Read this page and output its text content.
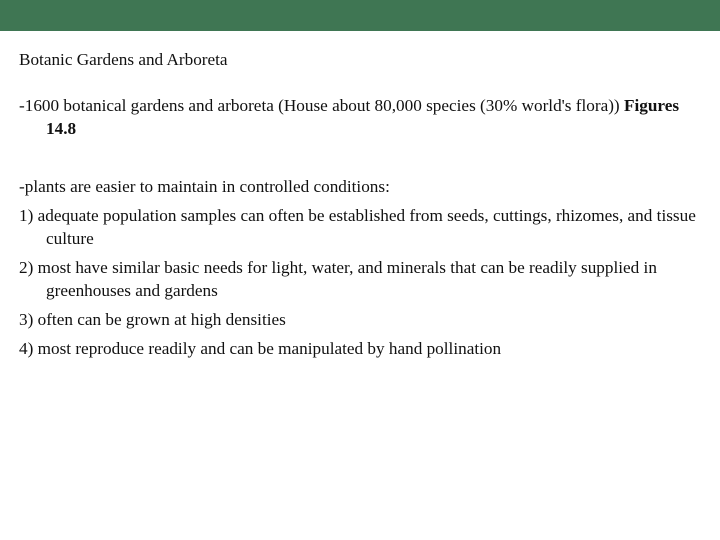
Botanic Gardens and Arboreta

-1600 botanical gardens and arboreta (House about 80,000 species (30% world's flora)) Figures 14.8

-plants are easier to maintain in controlled conditions:

1) adequate population samples can often be established from seeds, cuttings, rhizomes, and tissue culture

2) most have similar basic needs for light, water, and minerals that can be readily supplied in greenhouses and gardens

3) often can be grown at high densities

4) most reproduce readily and can be manipulated by hand pollination
